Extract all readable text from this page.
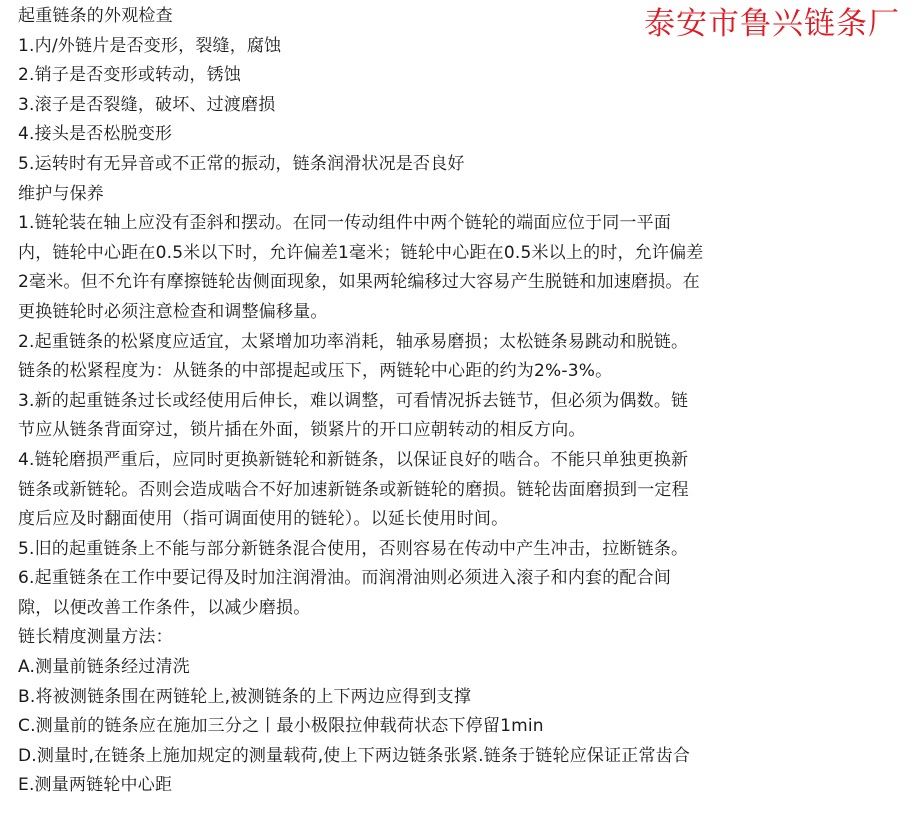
泰安市鲁兴链条厂
起重链条的外观检查
1.内/外链片是否变形，裂缝，腐蚀
2.销子是否变形或转动，锈蚀
3.滚子是否裂缝，破坏、过渡磨损
4.接头是否松脱变形
5.运转时有无异音或不正常的振动，链条润滑状况是否良好
维护与保养
1.链轮装在轴上应没有歪斜和摆动。在同一传动组件中两个链轮的端面应位于同一平面
内，链轮中心距在0.5米以下时，允许偏差1毫米；链轮中心距在0.5米以上的时，允许偏差
2毫米。但不允许有摩擦链轮齿侧面现象，如果两轮编移过大容易产生脱链和加速磨损。在
更换链轮时必须注意检查和调整偏移量。
2.起重链条的松紧度应适宜，太紧增加功率消耗，轴承易磨损；太松链条易跳动和脱链。
链条的松紧程度为：从链条的中部提起或压下，两链轮中心距的约为2%-3%。
3.新的起重链条过长或经使用后伸长，难以调整，可看情况拆去链节，但必须为偶数。链
节应从链条背面穿过，锁片插在外面，锁紧片的开口应朝转动的相反方向。
4.链轮磨损严重后，应同时更换新链轮和新链条，以保证良好的啮合。不能只单独更换新
链条或新链轮。否则会造成啮合不好加速新链条或新链轮的磨损。链轮齿面磨损到一定程
度后应及时翻面使用（指可调面使用的链轮）。以延长使用时间。
5.旧的起重链条上不能与部分新链条混合使用，否则容易在传动中产生冲击，拉断链条。
6.起重链条在工作中要记得及时加注润滑油。而润滑油则必须进入滚子和内套的配合间
隙，以便改善工作条件，以减少磨损。
链长精度测量方法：
A.测量前链条经过清洗
B.将被测链条围在两链轮上,被测链条的上下两边应得到支撑
C.测量前的链条应在施加三分之丨最小极限拉伸载荷状态下停留1min
D.测量时,在链条上施加规定的测量载荷,使上下两边链条张紧.链条于链轮应保证正常齿合
E.测量两链轮中心距
